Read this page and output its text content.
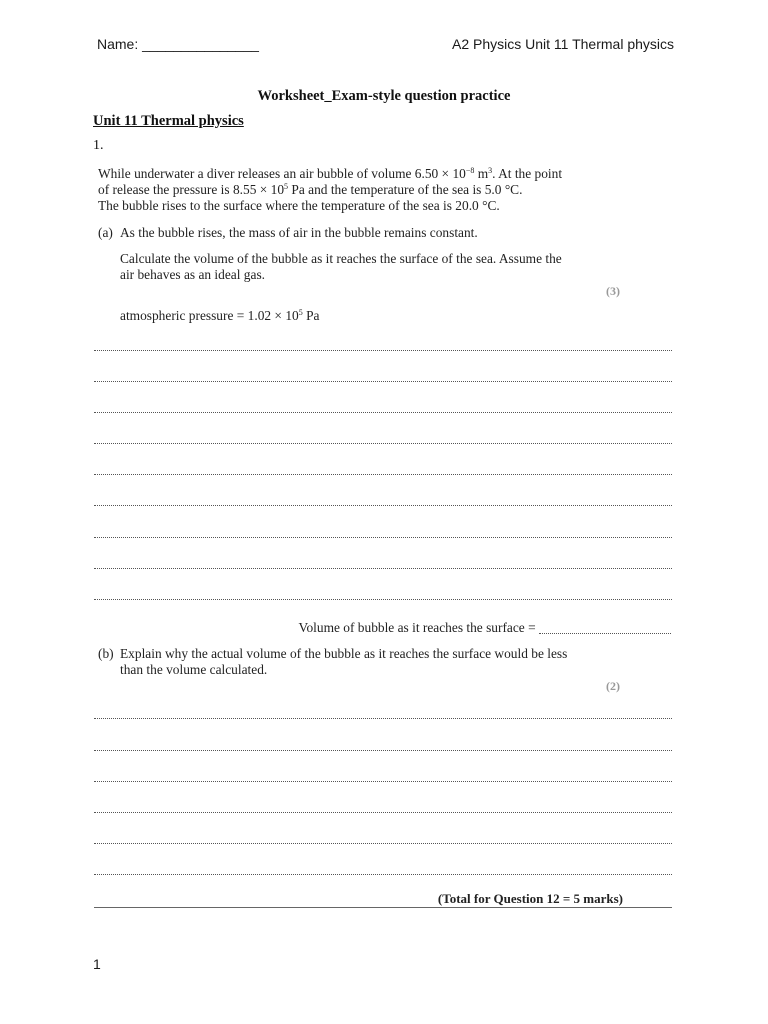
Name: _______________	A2 Physics Unit 11 Thermal physics
Worksheet_Exam-style question practice
Unit 11 Thermal physics
1.
While underwater a diver releases an air bubble of volume $6.50 \times 10^{-8}$ $m^3$. At the point
of release the pressure is $8.55 \times 10^5$ Pa and the temperature of the sea is 5.0 °C.
The bubble rises to the surface where the temperature of the sea is 20.0 °C.
(a) As the bubble rises, the mass of air in the bubble remains constant.
Calculate the volume of the bubble as it reaches the surface of the sea. Assume the
air behaves as an ideal gas.
(3)
atmospheric pressure = $1.02 \times 10^5$ Pa
Volume of bubble as it reaches the surface =
(b) Explain why the actual volume of the bubble as it reaches the surface would be less
than the volume calculated.
(2)
(Total for Question 12 = 5 marks)
1
